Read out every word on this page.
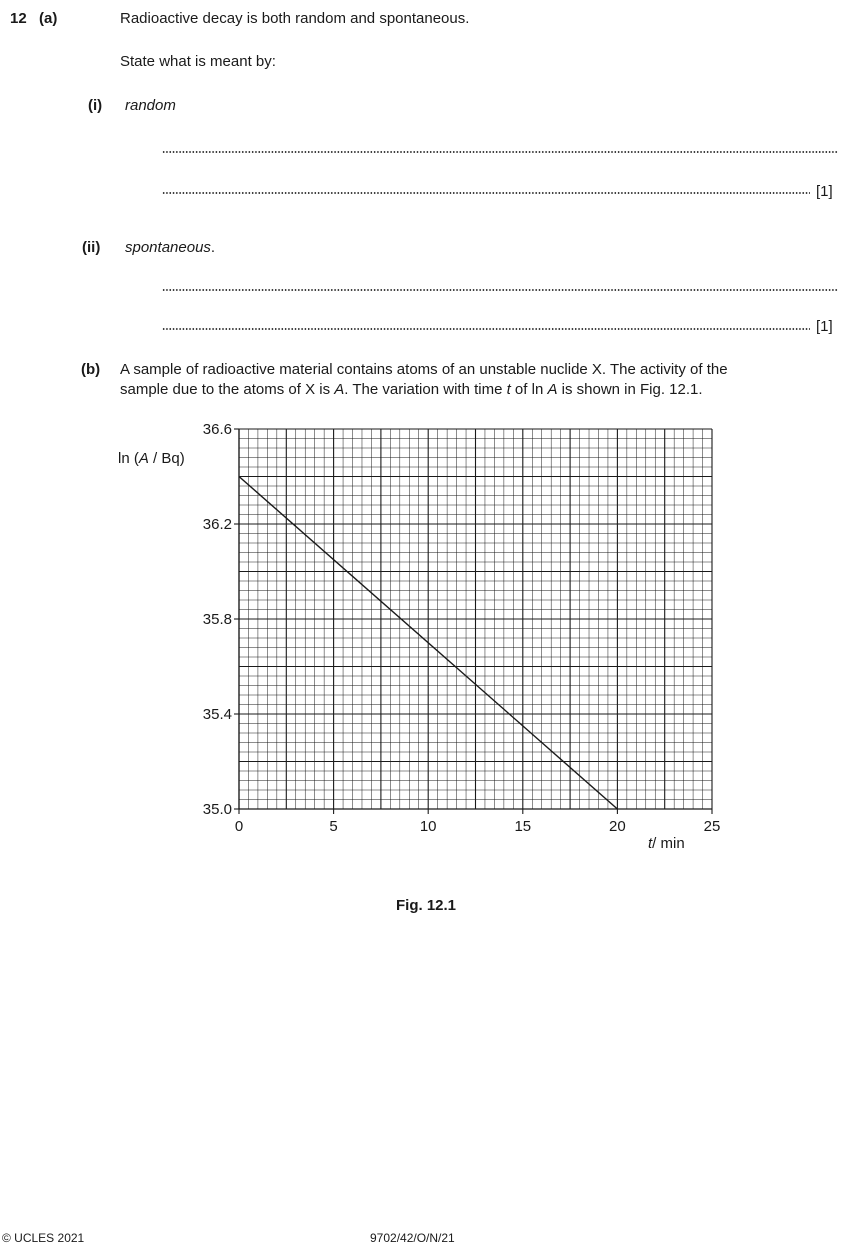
12 (a)	Radioactive decay is both random and spontaneous.
State what is meant by:
(i) random
[1]
(ii) spontaneous.
[1]
(b) A sample of radioactive material contains atoms of an unstable nuclide X. The activity of the
sample due to the atoms of X is A. The variation with time t of ln A is shown in Fig. 12.1.
35.0
35.4
35.8
36.2
36.6
0	5	10	15	20	25
ln (A / Bq)
t/ min
Fig. 12.1
© UCLES 2021	9702/42/O/N/21
